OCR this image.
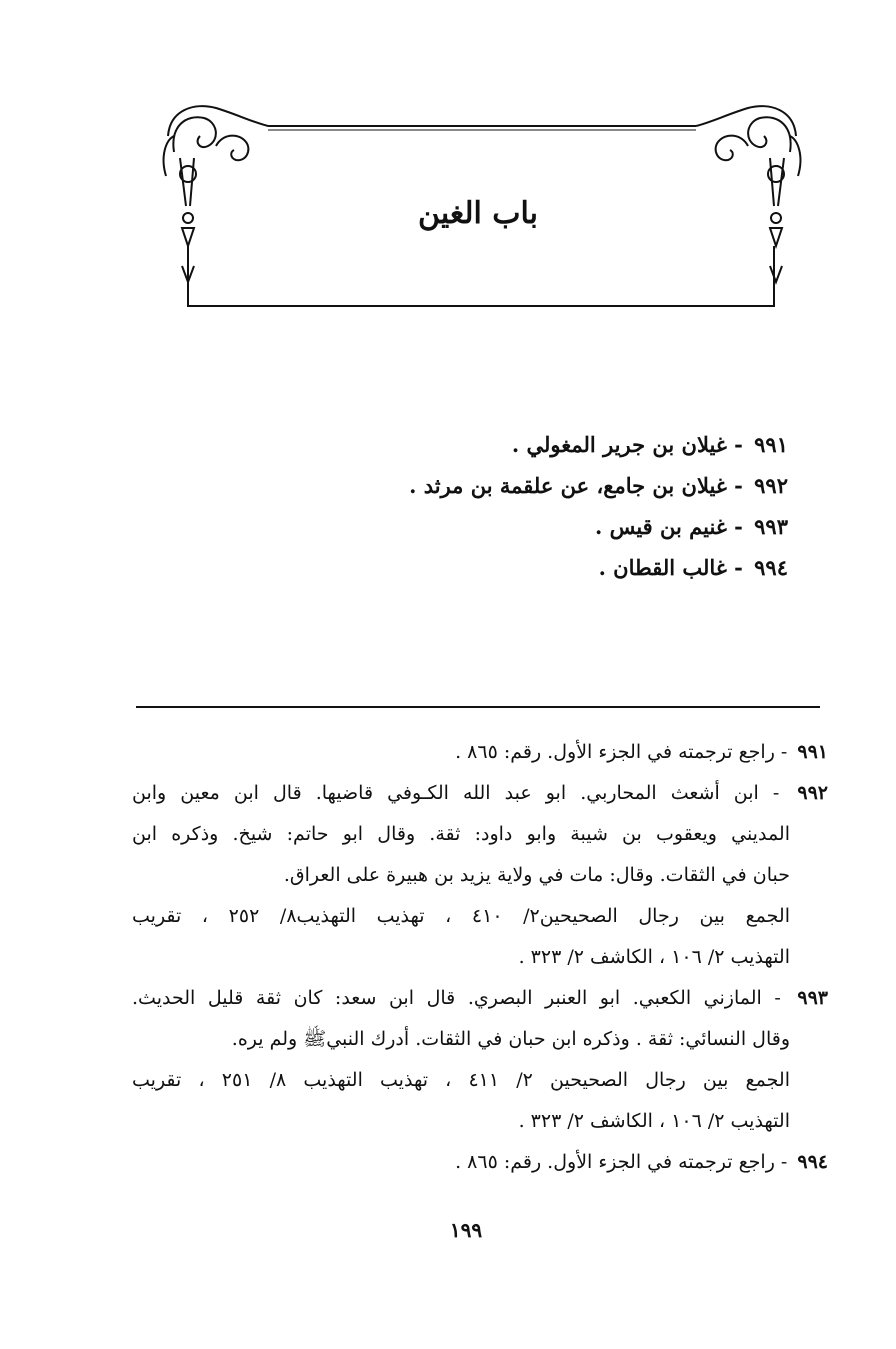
باب الغين
٩٩١ - غيلان بن جرير المغولي .
٩٩٢ - غيلان بن جامع، عن علقمة بن مرثد .
٩٩٣ - غنيم بن قيس .
٩٩٤ - غالب القطان .
٩٩١ - راجع ترجمته في الجزء الأول. رقم: ٨٦٥ .
٩٩٢ - ابن أشعث المحاربي. ابو عبد الله الكـوفي قاضيها. قال ابن معين وابن
المديني ويعقوب بن شيبة وابو داود: ثقة. وقال ابو حاتم: شيخ. وذكره ابن
حبان في الثقات. وقال: مات في ولاية يزيد بن هبيرة على العراق.
الجمع بين رجال الصحيحين٢/ ٤١٠ ، تهذيب التهذيب٨/ ٢٥٢ ، تقريب
التهذيب ٢/ ١٠٦ ، الكاشف ٢/ ٣٢٣ .
٩٩٣ - المازني الكعبي. ابو العنبر البصري. قال ابن سعد: كان ثقة قليل الحديث.
وقال النسائي: ثقة . وذكره ابن حبان في الثقات. أدرك النبيﷺ ولم يره.
الجمع بين رجال الصحيحين ٢/ ٤١١ ، تهذيب التهذيب ٨/ ٢٥١ ، تقريب
التهذيب ٢/ ١٠٦ ، الكاشف ٢/ ٣٢٣ .
٩٩٤ - راجع ترجمته في الجزء الأول. رقم: ٨٦٥ .
١٩٩
